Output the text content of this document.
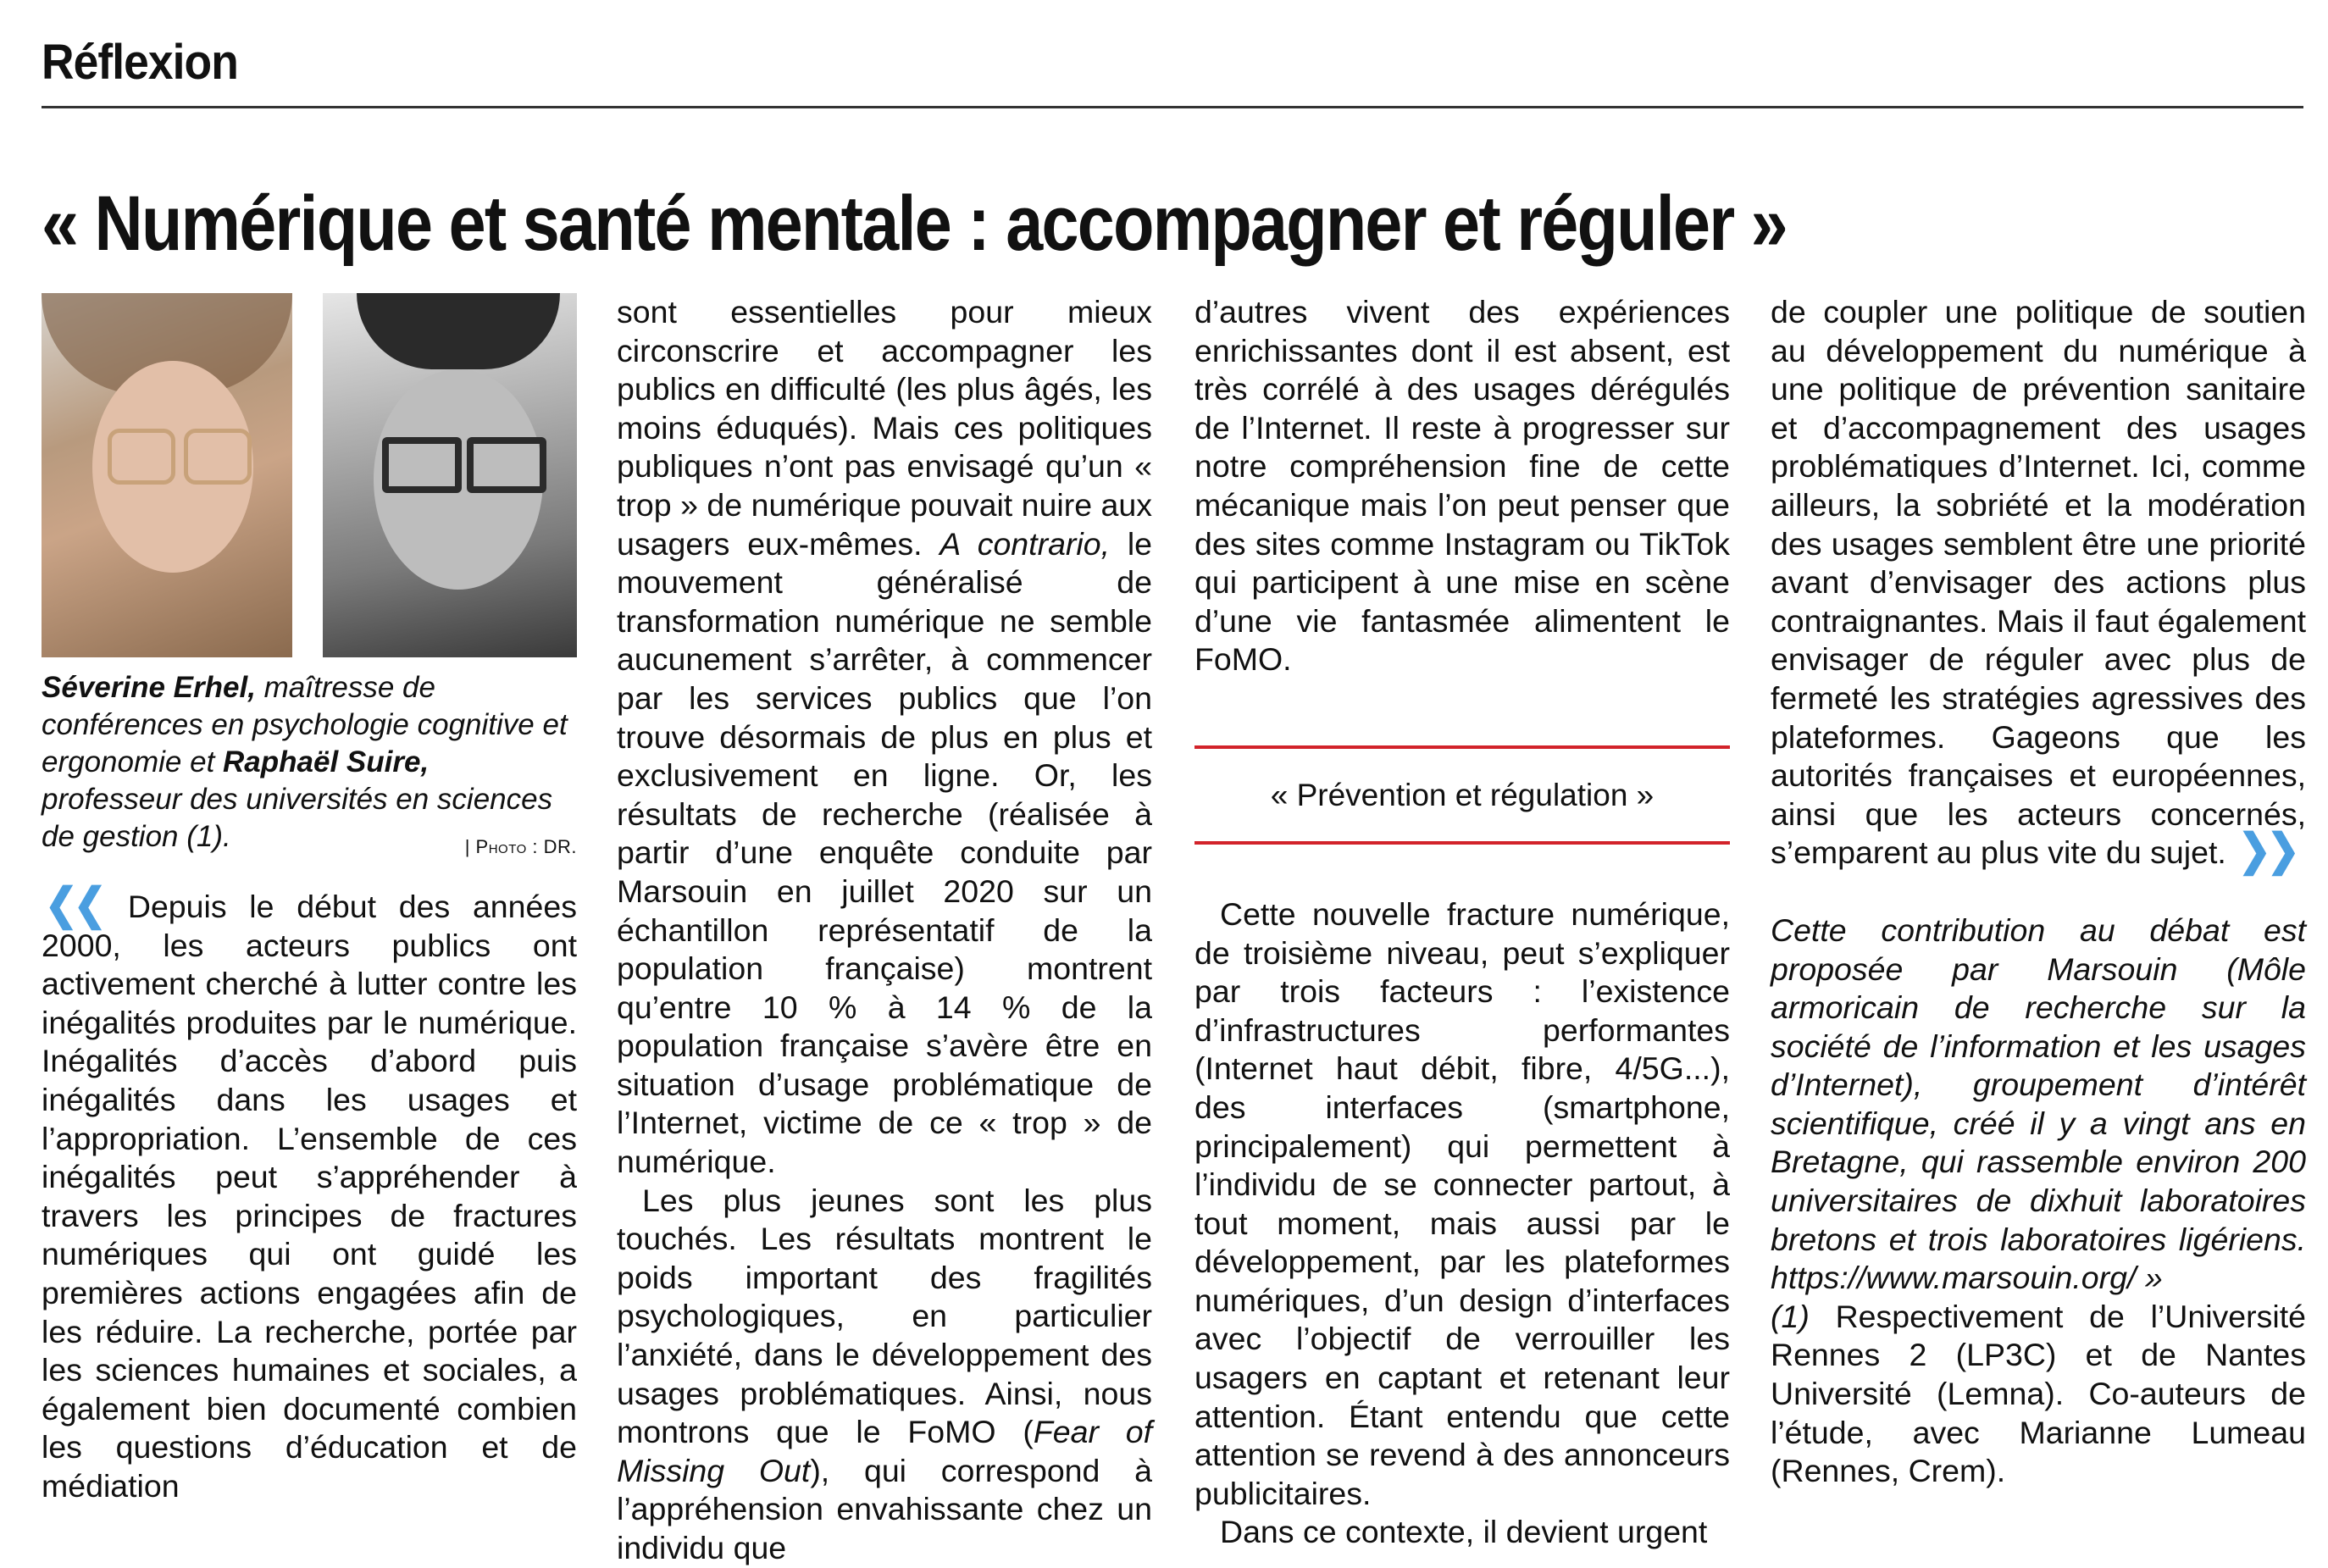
Réflexion
« Numérique et santé mentale : accompagner et réguler »
Séverine Erhel, maîtresse de conférences en psychologie cognitive et ergonomie et Raphaël Suire, professeur des universités en sciences de gestion (1).	| Photo : DR.

❮❮ Depuis le début des années 2000, les acteurs publics ont activement cherché à lutter contre les inégalités produites par le numérique. Inégalités d’accès d’abord puis inégalités dans les usages et l’appropriation. L’ensemble de ces inégalités peut s’appréhender à travers les principes de fractures numériques qui ont guidé les premières actions engagées afin de les réduire. La recherche, portée par les sciences humaines et sociales, a également bien documenté combien les questions d’éducation et de médiation

sont essentielles pour mieux circonscrire et accompagner les publics en difficulté (les plus âgés, les moins éduqués). Mais ces politiques publiques n’ont pas envisagé qu’un « trop » de numérique pouvait nuire aux usagers eux-mêmes. A contrario, le mouvement généralisé de transformation numérique ne semble aucunement s’arrêter, à commencer par les services publics que l’on trouve désormais de plus en plus et exclusivement en ligne. Or, les résultats de recherche (réalisée à partir d’une enquête conduite par Marsouin en juillet 2020 sur un échantillon représentatif de la population française) montrent qu’entre 10 % à 14 % de la population française s’avère être en situation d’usage problématique de l’Internet, victime de ce « trop » de numérique.

Les plus jeunes sont les plus touchés. Les résultats montrent le poids important des fragilités psychologiques, en particulier l’anxiété, dans le développement des usages problématiques. Ainsi, nous montrons que le FoMO (Fear of Missing Out), qui correspond à l’appréhension envahissante chez un individu que

d’autres vivent des expériences enrichissantes dont il est absent, est très corrélé à des usages dérégulés de l’Internet. Il reste à progresser sur notre compréhension fine de cette mécanique mais l’on peut penser que des sites comme Instagram ou TikTok qui participent à une mise en scène d’une vie fantasmée alimentent le FoMO.

« Prévention et régulation »

Cette nouvelle fracture numérique, de troisième niveau, peut s’expliquer par trois facteurs : l’existence d’infrastructures performantes (Internet haut débit, fibre, 4/5G...), des interfaces (smartphone, principalement) qui permettent à l’individu de se connecter partout, à tout moment, mais aussi par le développement, par les plateformes numériques, d’un design d’interfaces avec l’objectif de verrouiller les usagers en captant et retenant leur attention. Étant entendu que cette attention se revend à des annonceurs publicitaires.

Dans ce contexte, il devient urgent

de coupler une politique de soutien au développement du numérique à une politique de prévention sanitaire et d’accompagnement des usages problématiques d’Internet. Ici, comme ailleurs, la sobriété et la modération des usages semblent être une priorité avant d’envisager des actions plus contraignantes. Mais il faut également envisager de réguler avec plus de fermeté les stratégies agressives des plateformes. Gageons que les autorités françaises et européennes, ainsi que les acteurs concernés, s’emparent au plus vite du sujet. ❯❯

Cette contribution au débat est proposée par Marsouin (Môle armoricain de recherche sur la société de l’information et les usages d’Internet), groupement d’intérêt scientifique, créé il y a vingt ans en Bretagne, qui rassemble environ 200 universitaires de dixhuit laboratoires bretons et trois laboratoires ligériens. https://www.marsouin.org/ »

(1) Respectivement de l’Université Rennes 2 (LP3C) et de Nantes Université (Lemna). Co-auteurs de l’étude, avec Marianne Lumeau (Rennes, Crem).
